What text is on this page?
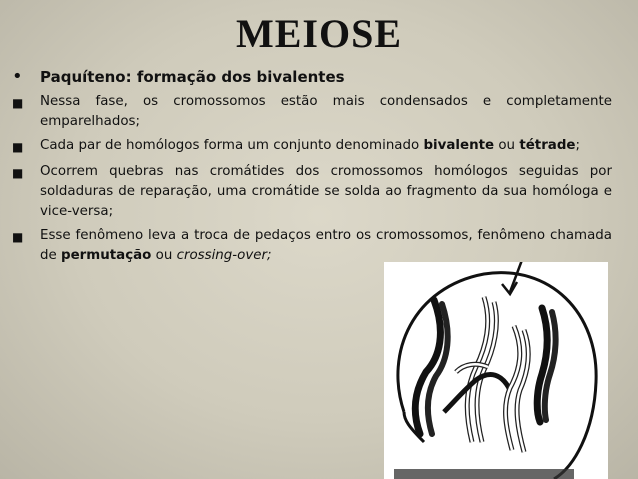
MEIOSE
•	Paquíteno: formação dos bivalentes
■	Nessa fase, os cromossomos estão mais condensados e completamente emparelhados;
■	Cada par de homólogos forma um conjunto denominado bivalente ou tétrade;
■	Ocorrem quebras nas cromátides dos cromossomos homólogos seguidas por soldaduras de reparação, uma cromátide se solda ao fragmento da sua homóloga e vice-versa;
■	Esse fenômeno leva a troca de pedaços entro os cromossomos, fenômeno chamada de permutação ou crossing-over;
